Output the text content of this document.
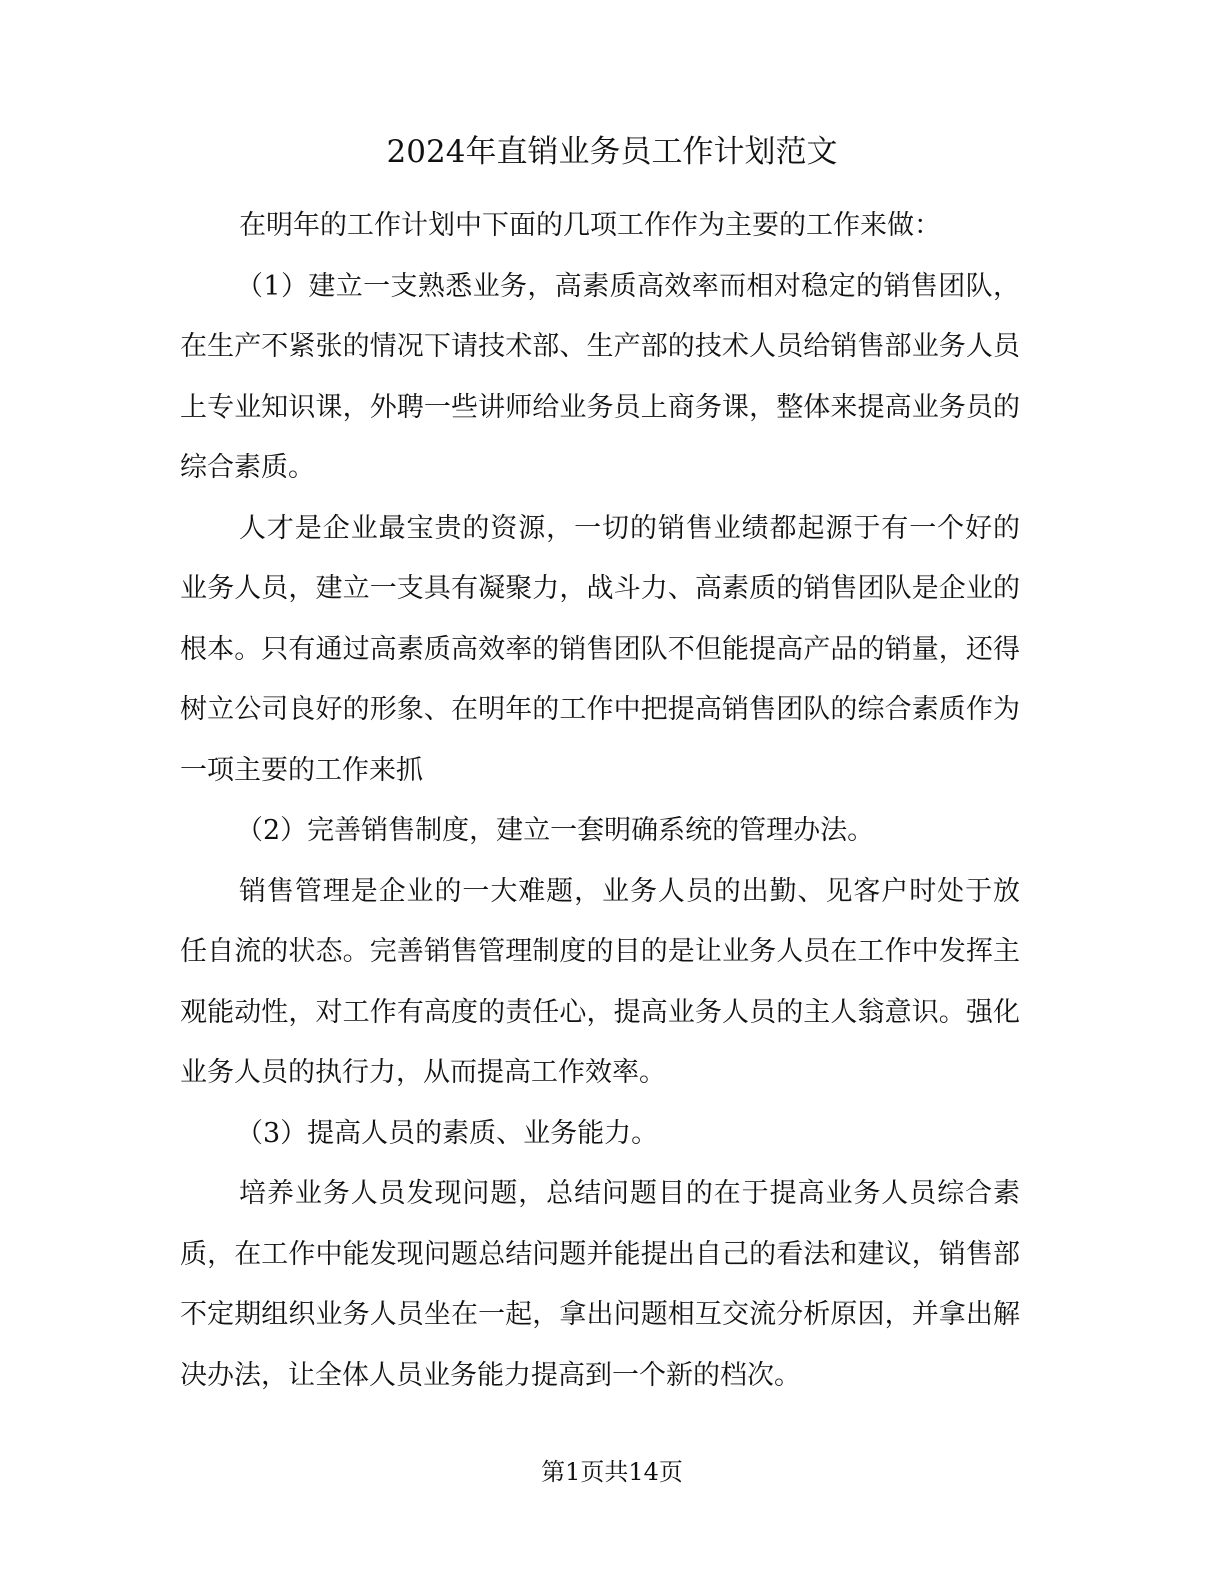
2024年直销业务员工作计划范文

在明年的工作计划中下面的几项工作作为主要的工作来做：

（1）建立一支熟悉业务，高素质高效率而相对稳定的销售团队，在生产不紧张的情况下请技术部、生产部的技术人员给销售部业务人员上专业知识课，外聘一些讲师给业务员上商务课，整体来提高业务员的综合素质。

人才是企业最宝贵的资源，一切的销售业绩都起源于有一个好的业务人员，建立一支具有凝聚力，战斗力、高素质的销售团队是企业的根本。只有通过高素质高效率的销售团队不但能提高产品的销量，还得树立公司良好的形象、在明年的工作中把提高销售团队的综合素质作为一项主要的工作来抓

（2）完善销售制度，建立一套明确系统的管理办法。

销售管理是企业的一大难题，业务人员的出勤、见客户时处于放任自流的状态。完善销售管理制度的目的是让业务人员在工作中发挥主观能动性，对工作有高度的责任心，提高业务人员的主人翁意识。强化业务人员的执行力，从而提高工作效率。

（3）提高人员的素质、业务能力。

培养业务人员发现问题，总结问题目的在于提高业务人员综合素质，在工作中能发现问题总结问题并能提出自己的看法和建议，销售部不定期组织业务人员坐在一起，拿出问题相互交流分析原因，并拿出解决办法，让全体人员业务能力提高到一个新的档次。

第1页共14页
